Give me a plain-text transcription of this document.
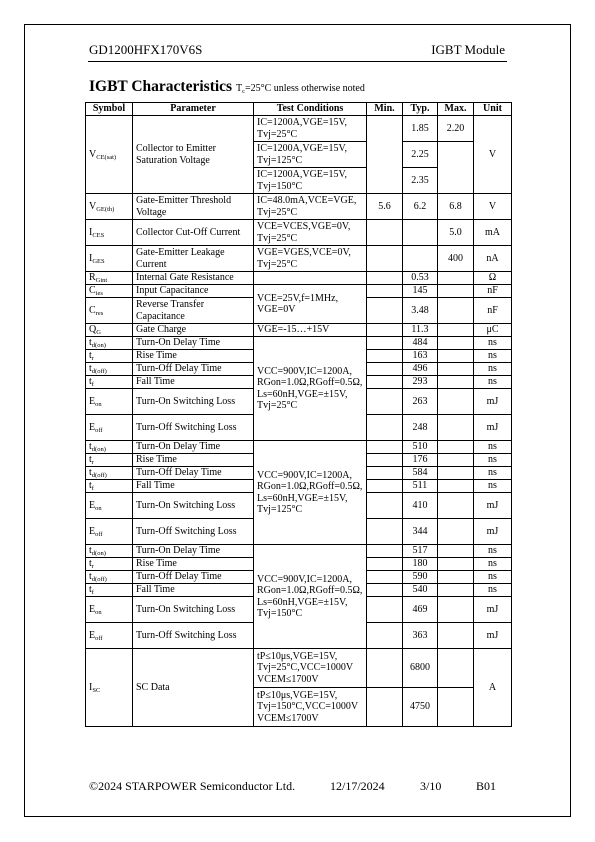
GD1200HFX170V6S	IGBT Module
IGBT Characteristics $T_c=25^\circ C$ unless otherwise noted
Symbol	Parameter	Test Conditions	Min.	Typ.	Max.	Unit
$V_{CE(sat)}$	Collector to Emitter Saturation Voltage	IC=1200A,VGE=15V, Tvj=25°C		1.85	2.20	V
		IC=1200A,VGE=15V, Tvj=125°C		2.25		
		IC=1200A,VGE=15V, Tvj=150°C		2.35		
$V_{GE(th)}$	Gate-Emitter Threshold Voltage	IC=48.0mA,VCE=VGE, Tvj=25°C	5.6	6.2	6.8	V
$I_{CES}$	Collector Cut-Off Current	VCE=VCES,VGE=0V, Tvj=25°C			5.0	mA
$I_{GES}$	Gate-Emitter Leakage Current	VGE=VGES,VCE=0V, Tvj=25°C			400	nA
$R_{Gint}$	Internal Gate Resistance			0.53		Ω
$C_{ies}$	Input Capacitance	VCE=25V,f=1MHz, VGE=0V		145		nF
$C_{res}$	Reverse Transfer Capacitance			3.48		nF
$Q_G$	Gate Charge	VGE=-15…+15V		11.3		μC
$t_{d(on)}$	Turn-On Delay Time	VCC=900V,IC=1200A, RGon=1.0Ω,RGoff=0.5Ω, Ls=60nH,VGE=±15V, Tvj=25°C		484		ns
$t_r$	Rise Time			163		ns
$t_{d(off)}$	Turn-Off Delay Time			496		ns
$t_f$	Fall Time			293		ns
$E_{on}$	Turn-On Switching Loss			263		mJ
$E_{off}$	Turn-Off Switching Loss			248		mJ
$t_{d(on)}$	Turn-On Delay Time	VCC=900V,IC=1200A, RGon=1.0Ω,RGoff=0.5Ω, Ls=60nH,VGE=±15V, Tvj=125°C		510		ns
$t_r$	Rise Time			176		ns
$t_{d(off)}$	Turn-Off Delay Time			584		ns
$t_f$	Fall Time			511		ns
$E_{on}$	Turn-On Switching Loss			410		mJ
$E_{off}$	Turn-Off Switching Loss			344		mJ
$t_{d(on)}$	Turn-On Delay Time	VCC=900V,IC=1200A, RGon=1.0Ω,RGoff=0.5Ω, Ls=60nH,VGE=±15V, Tvj=150°C		517		ns
$t_r$	Rise Time			180		ns
$t_{d(off)}$	Turn-Off Delay Time			590		ns
$t_f$	Fall Time			540		ns
$E_{on}$	Turn-On Switching Loss			469		mJ
$E_{off}$	Turn-Off Switching Loss			363		mJ
$I_{SC}$	SC Data	tP≤10μs,VGE=15V, Tvj=25°C,VCC=1000V VCEM≤1700V		6800		A
		tP≤10μs,VGE=15V, Tvj=150°C,VCC=1000V VCEM≤1700V		4750		
©2024 STARPOWER Semiconductor Ltd.	12/17/2024	3/10	B01
